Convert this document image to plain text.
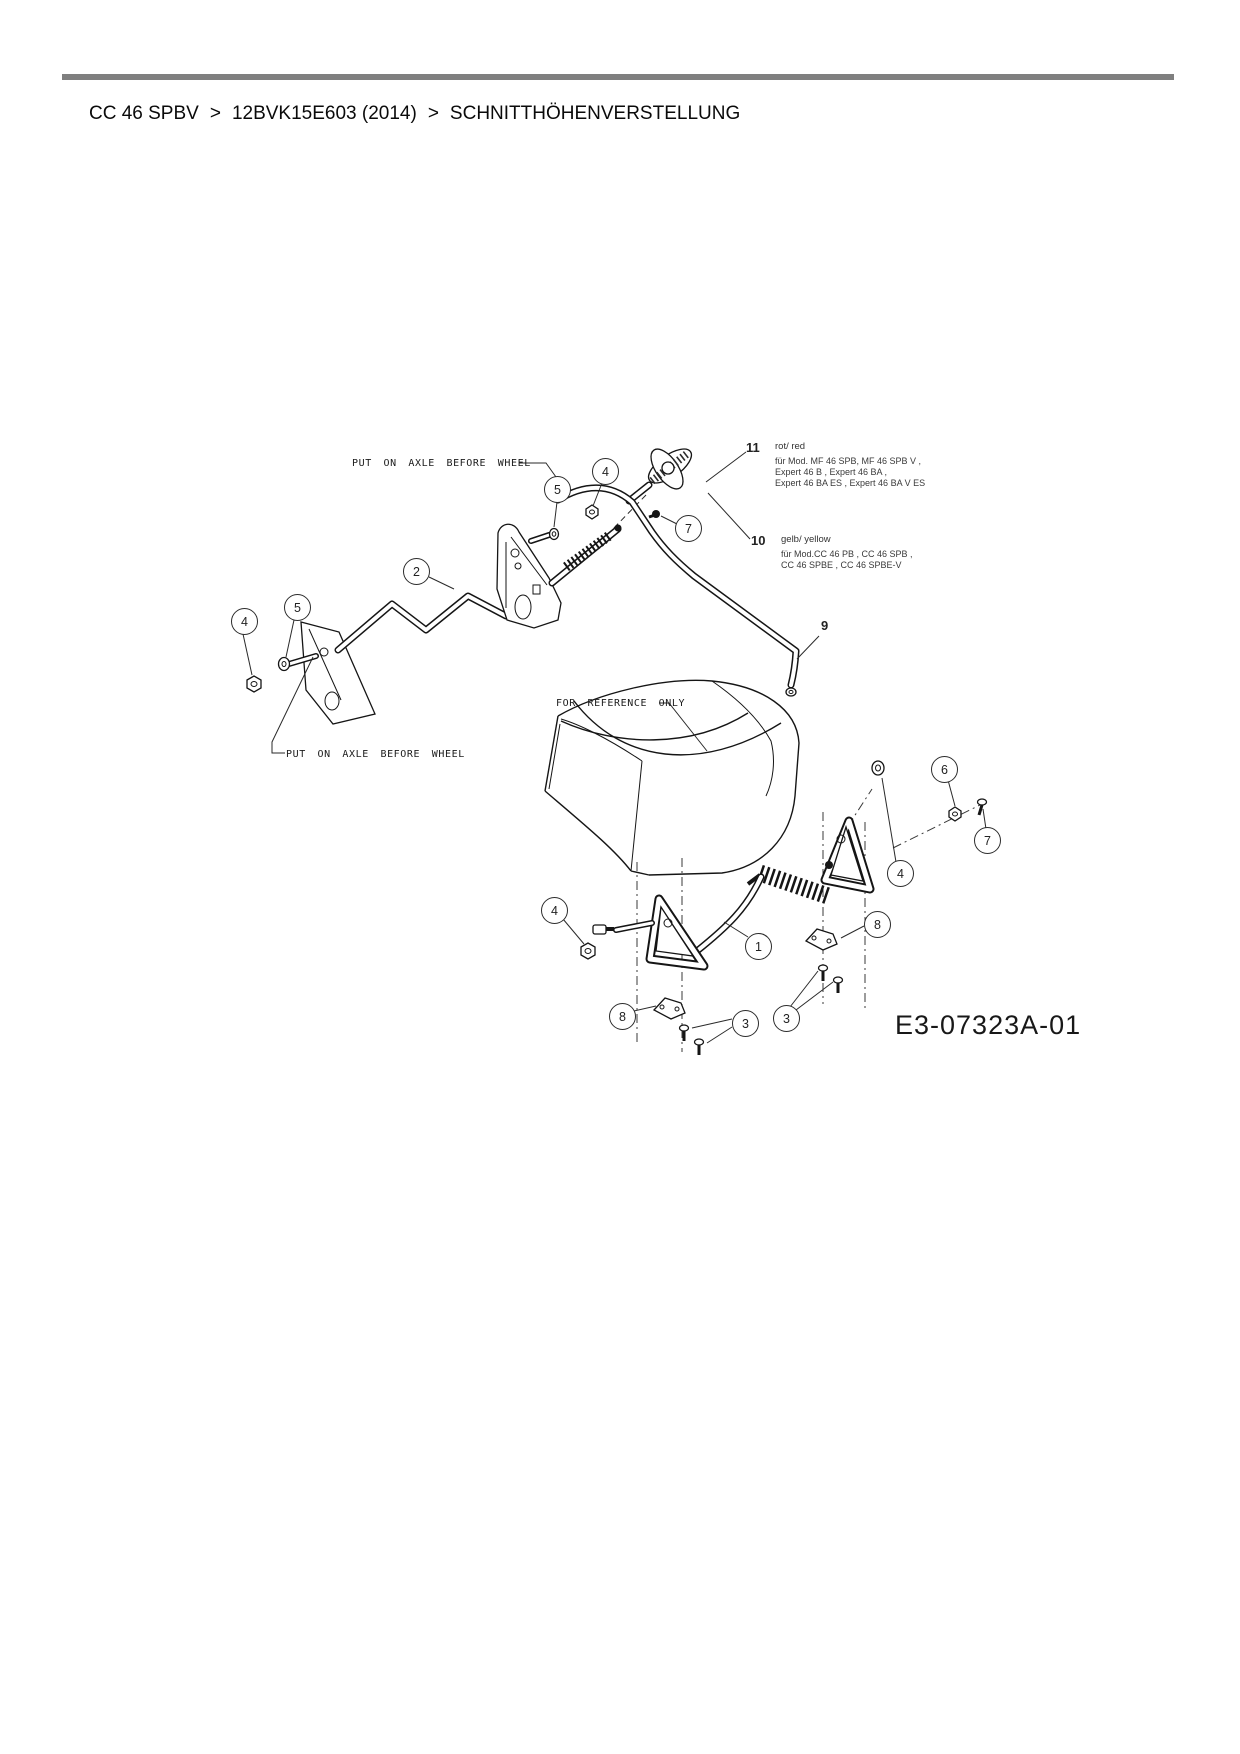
CC 46 SPBV > 12BVK15E603 (2014) > SCHNITTHÖHENVERSTELLUNG
PUT ON AXLE BEFORE WHEEL
PUT ON AXLE BEFORE WHEEL
FOR REFERENCE ONLY
11 rot/ red
für Mod. MF 46 SPB, MF 46 SPB V ,
Expert 46 B , Expert 46 BA ,
Expert 46 BA ES , Expert 46 BA V ES
10 gelb/ yellow
für Mod.CC 46 PB , CC 46 SPB ,
CC 46 SPBE , CC 46 SPBE-V
9
E3-07323A-01
5
4
7
2
5
4
6
7
4
4
1
8
8	3	3
